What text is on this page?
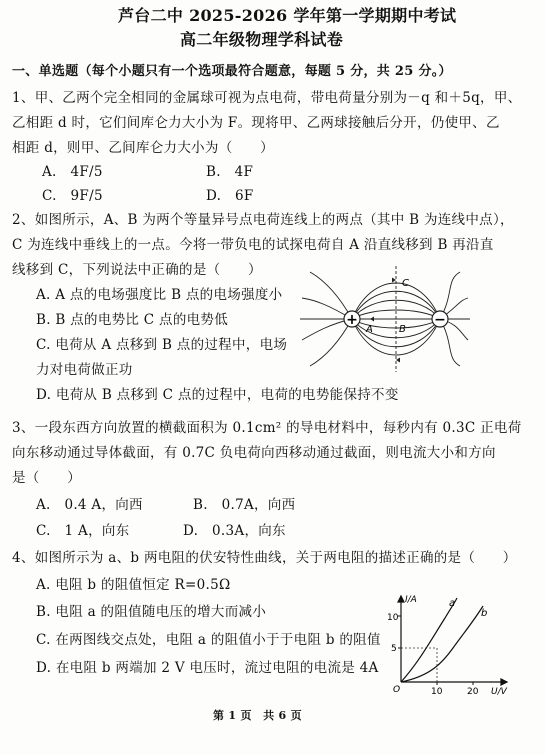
芦台二中 2025-2026 学年第一学期期中考试
高二年级物理学科试卷
一、单选题（每个小题只有一个选项最符合题意，每题 5 分，共 25 分。）
1、甲、乙两个完全相同的金属球可视为点电荷，带电荷量分别为－q 和＋5q，甲、
乙相距 d 时，它们间库仑力大小为 F。现将甲、乙两球接触后分开，仍使甲、乙
相距 d，则甲、乙间库仑力大小为（　　）
A.　4F/5	B.　4F
C.　9F/5	D.　6F
2、如图所示，A、B 为两个等量异号点电荷连线上的两点（其中 B 为连线中点），
C 为连线中垂线上的一点。今将一带负电的试探电荷自 A 沿直线移到 B 再沿直
线移到 C，下列说法中正确的是（　　）
A. A 点的电场强度比 B 点的电场强度小
B. B 点的电势比 C 点的电势低
C. 电荷从 A 点移到 B 点的过程中，电场
力对电荷做正功
D. 电荷从 B 点移到 C 点的过程中，电荷的电势能保持不变
+	−
C
A	B
3、一段东西方向放置的横截面积为 0.1cm² 的导电材料中，每秒内有 0.3C 正电荷
向东移动通过导体截面，有 0.7C 负电荷向西移动通过截面，则电流大小和方向
是（　　）
A.　0.4 A，向西	B.　0.7A，向西
C.　1 A，向东	D.　0.3A，向东
4、如图所示为 a、b 两电阻的伏安特性曲线，关于两电阻的描述正确的是（　　）
A. 电阻 b 的阻值恒定 R=0.5Ω
B. 电阻 a 的阻值随电压的增大而减小
C. 在两图线交点处，电阻 a 的阻值小于于电阻 b 的阻值
D. 在电阻 b 两端加 2 V 电压时，流过电阻的电流是 4A
I/A
U/V
O
10
5
10	20
a
b
第 1 页　共 6 页
